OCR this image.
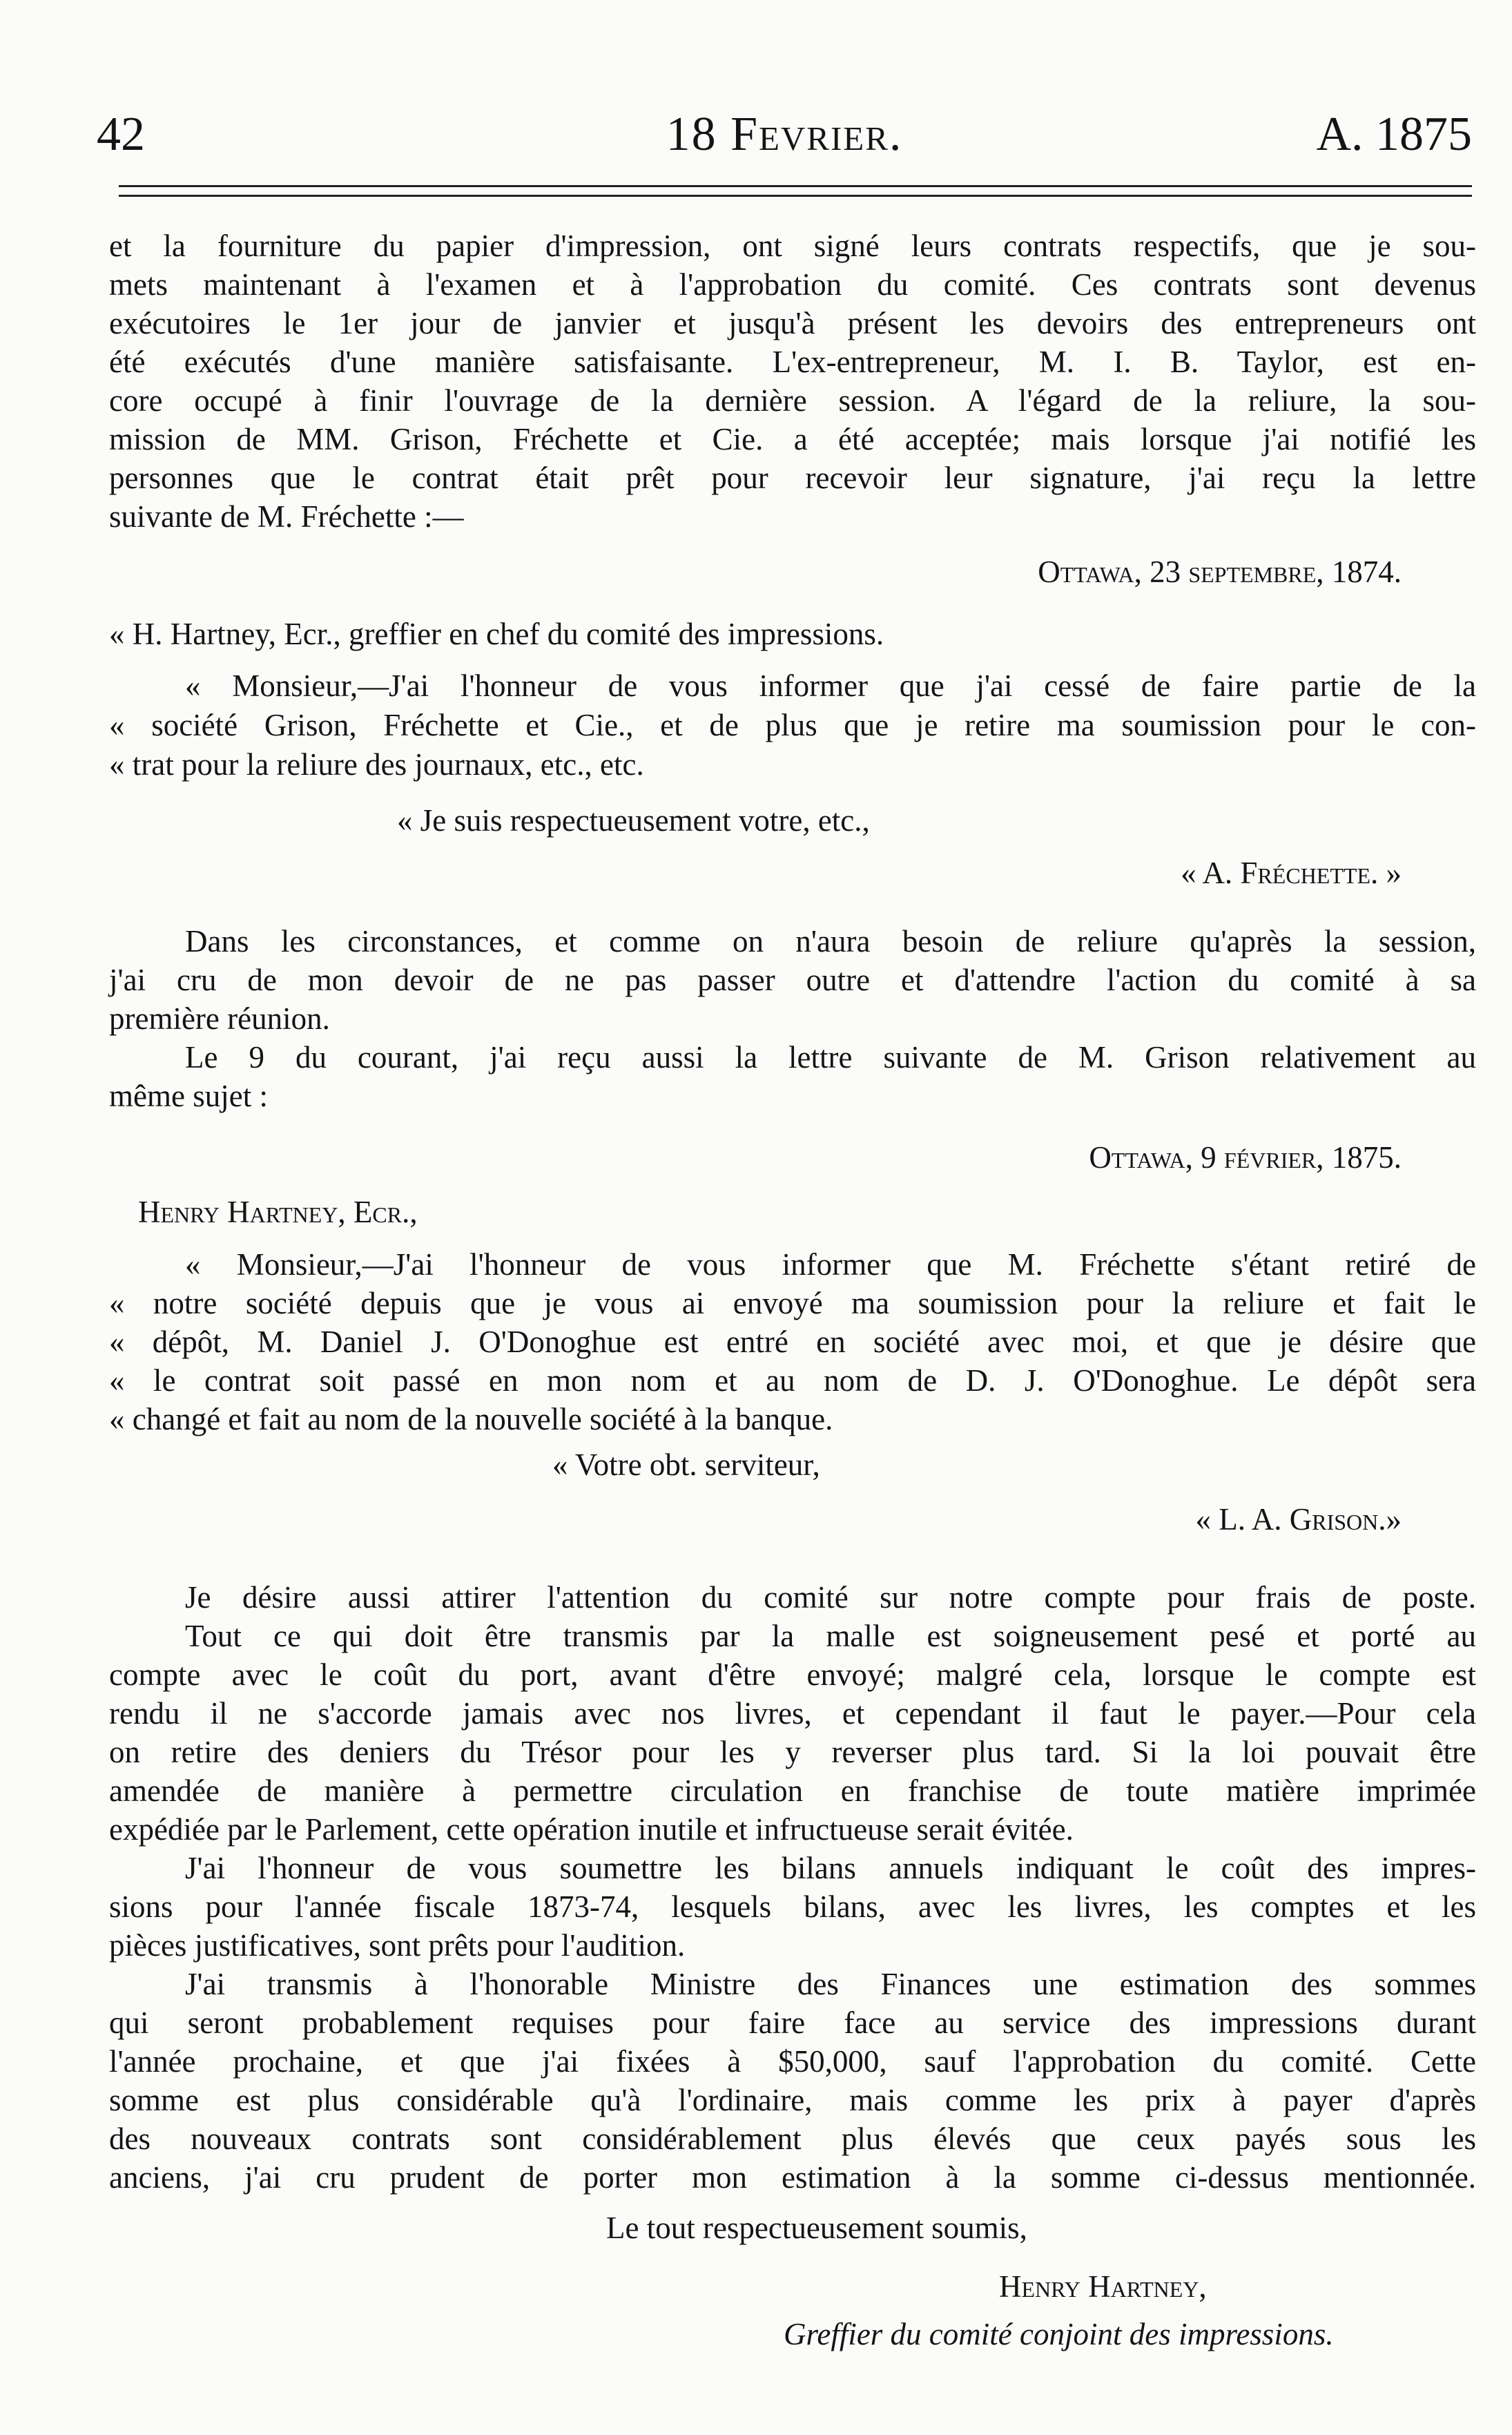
42	18 Fevrier.	A. 1875
et la fourniture du papier d'impression, ont signé leurs contrats respectifs, que je sou-
mets maintenant à l'examen et à l'approbation du comité. Ces contrats sont devenus
exécutoires le 1er jour de janvier et jusqu'à présent les devoirs des entrepreneurs ont
été exécutés d'une manière satisfaisante. L'ex-entrepreneur, M. I. B. Taylor, est en-
core occupé à finir l'ouvrage de la dernière session. A l'égard de la reliure, la sou-
mission de MM. Grison, Fréchette et Cie. a été acceptée; mais lorsque j'ai notifié les
personnes que le contrat était prêt pour recevoir leur signature, j'ai reçu la lettre
suivante de M. Fréchette :—
Ottawa, 23 septembre, 1874.
« H. Hartney, Ecr., greffier en chef du comité des impressions.
« Monsieur,—J'ai l'honneur de vous informer que j'ai cessé de faire partie de la
« société Grison, Fréchette et Cie., et de plus que je retire ma soumission pour le con-
« trat pour la reliure des journaux, etc., etc.
« Je suis respectueusement votre, etc.,
« A. Fréchette. »
Dans les circonstances, et comme on n'aura besoin de reliure qu'après la session,
j'ai cru de mon devoir de ne pas passer outre et d'attendre l'action du comité à sa
première réunion.
Le 9 du courant, j'ai reçu aussi la lettre suivante de M. Grison relativement au
même sujet :
Ottawa, 9 février, 1875.
Henry Hartney, Ecr.,
« Monsieur,—J'ai l'honneur de vous informer que M. Fréchette s'étant retiré de
« notre société depuis que je vous ai envoyé ma soumission pour la reliure et fait le
« dépôt, M. Daniel J. O'Donoghue est entré en société avec moi, et que je désire que
« le contrat soit passé en mon nom et au nom de D. J. O'Donoghue. Le dépôt sera
« changé et fait au nom de la nouvelle société à la banque.
« Votre obt. serviteur,
« L. A. Grison.»
Je désire aussi attirer l'attention du comité sur notre compte pour frais de poste.
Tout ce qui doit être transmis par la malle est soigneusement pesé et porté au
compte avec le coût du port, avant d'être envoyé; malgré cela, lorsque le compte est
rendu il ne s'accorde jamais avec nos livres, et cependant il faut le payer.—Pour cela
on retire des deniers du Trésor pour les y reverser plus tard. Si la loi pouvait être
amendée de manière à permettre circulation en franchise de toute matière imprimée
expédiée par le Parlement, cette opération inutile et infructueuse serait évitée.
J'ai l'honneur de vous soumettre les bilans annuels indiquant le coût des impres-
sions pour l'année fiscale 1873-74, lesquels bilans, avec les livres, les comptes et les
pièces justificatives, sont prêts pour l'audition.
J'ai transmis à l'honorable Ministre des Finances une estimation des sommes
qui seront probablement requises pour faire face au service des impressions durant
l'année prochaine, et que j'ai fixées à $50,000, sauf l'approbation du comité. Cette
somme est plus considérable qu'à l'ordinaire, mais comme les prix à payer d'après
des nouveaux contrats sont considérablement plus élevés que ceux payés sous les
anciens, j'ai cru prudent de porter mon estimation à la somme ci-dessus mentionnée.
Le tout respectueusement soumis,
Henry Hartney,
Greffier du comité conjoint des impressions.
